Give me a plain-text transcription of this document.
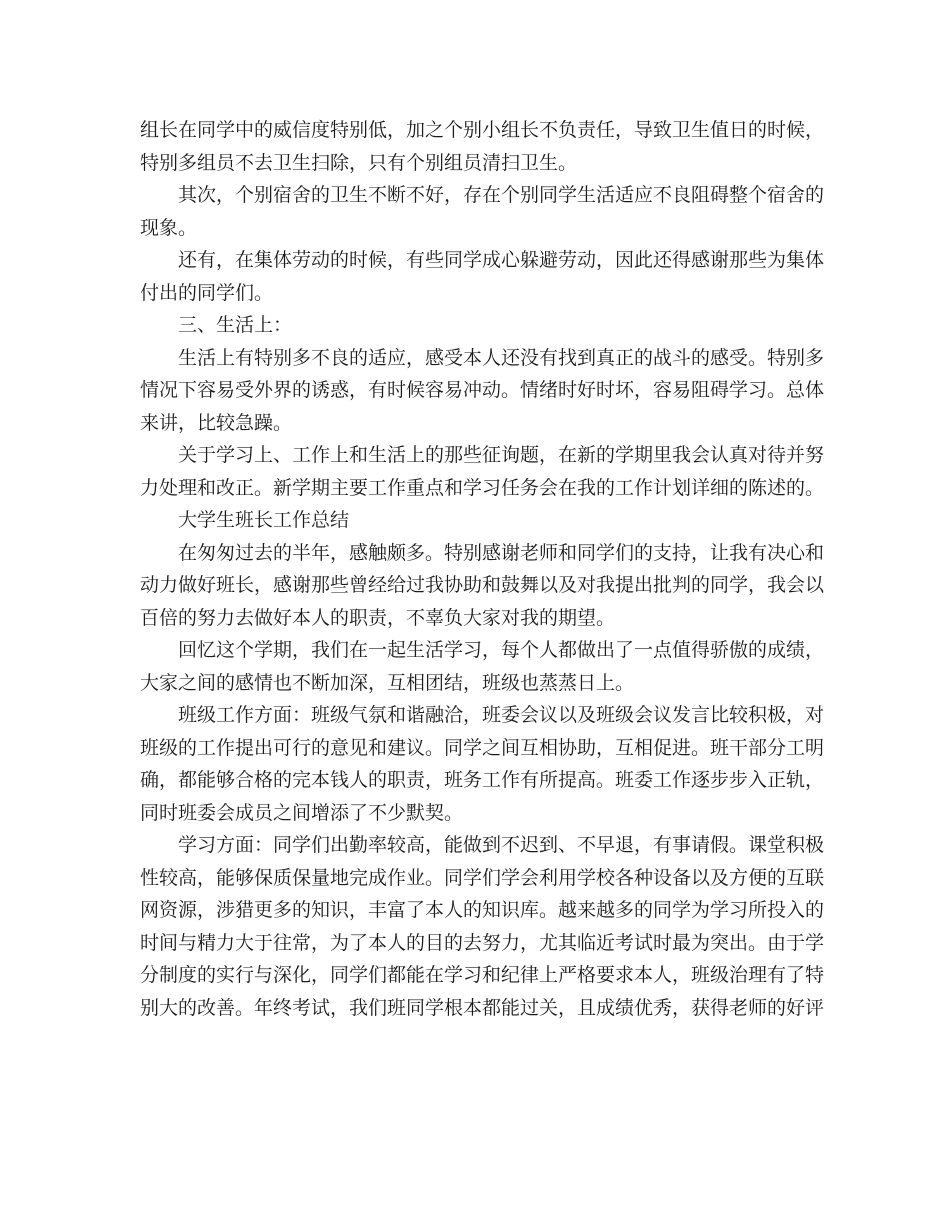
组长在同学中的威信度特别低，加之个别小组长不负责任，导致卫生值日的时候，
特别多组员不去卫生扫除，只有个别组员清扫卫生。
其次，个别宿舍的卫生不断不好，存在个别同学生活适应不良阻碍整个宿舍的
现象。
还有，在集体劳动的时候，有些同学成心躲避劳动，因此还得感谢那些为集体
付出的同学们。
三、生活上：
生活上有特别多不良的适应，感受本人还没有找到真正的战斗的感受。特别多
情况下容易受外界的诱惑，有时候容易冲动。情绪时好时坏，容易阻碍学习。总体
来讲，比较急躁。
关于学习上、工作上和生活上的那些征询题，在新的学期里我会认真对待并努
力处理和改正。新学期主要工作重点和学习任务会在我的工作计划详细的陈述的。
大学生班长工作总结
在匆匆过去的半年，感触颇多。特别感谢老师和同学们的支持，让我有决心和
动力做好班长，感谢那些曾经给过我协助和鼓舞以及对我提出批判的同学，我会以
百倍的努力去做好本人的职责，不辜负大家对我的期望。
回忆这个学期，我们在一起生活学习，每个人都做出了一点值得骄傲的成绩，
大家之间的感情也不断加深，互相团结，班级也蒸蒸日上。
班级工作方面：班级气氛和谐融洽，班委会议以及班级会议发言比较积极，对
班级的工作提出可行的意见和建议。同学之间互相协助，互相促进。班干部分工明
确，都能够合格的完本钱人的职责，班务工作有所提高。班委工作逐步步入正轨，
同时班委会成员之间增添了不少默契。
学习方面：同学们出勤率较高，能做到不迟到、不早退，有事请假。课堂积极
性较高，能够保质保量地完成作业。同学们学会利用学校各种设备以及方便的互联
网资源，涉猎更多的知识，丰富了本人的知识库。越来越多的同学为学习所投入的
时间与精力大于往常，为了本人的目的去努力，尤其临近考试时最为突出。由于学
分制度的实行与深化，同学们都能在学习和纪律上严格要求本人，班级治理有了特
别大的改善。年终考试，我们班同学根本都能过关，且成绩优秀，获得老师的好评
